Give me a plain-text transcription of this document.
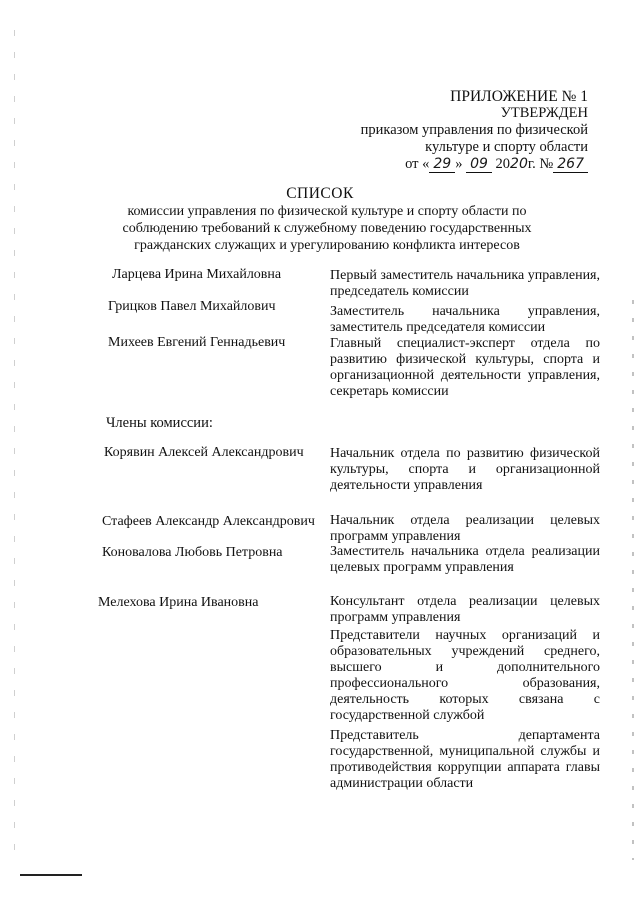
ПРИЛОЖЕНИЕ № 1
УТВЕРЖДЕН
приказом управления по физической
культуре и спорту области
от « 29 » 09 2020г. № 267
СПИСОК
комиссии управления по физической культуре и спорту области по соблюдению требований к служебному поведению государственных гражданских служащих и урегулированию конфликта интересов
Ларцева Ирина Михайловна	Первый заместитель начальника управления, председатель комиссии
Грицков Павел Михайлович	Заместитель начальника управления, заместитель председателя комиссии
Михеев Евгений Геннадьевич	Главный специалист-эксперт отдела по развитию физической культуры, спорта и организационной деятельности управления, секретарь комиссии
Члены комиссии:
Корявин Алексей Александрович Начальник отдела по развитию физической культуры, спорта и организационной деятельности управления
Стафеев Александр Александрович Начальник отдела реализации целевых программ управления
Коновалова Любовь Петровна	Заместитель начальника отдела реализации целевых программ управления
Мелехова Ирина Ивановна	Консультант отдела реализации целевых программ управления
Представители научных организаций и образовательных учреждений среднего, высшего и дополнительного профессионального образования, деятельность которых связана с государственной службой
Представитель департамента государственной, муниципальной службы и противодействия коррупции аппарата главы администрации области
